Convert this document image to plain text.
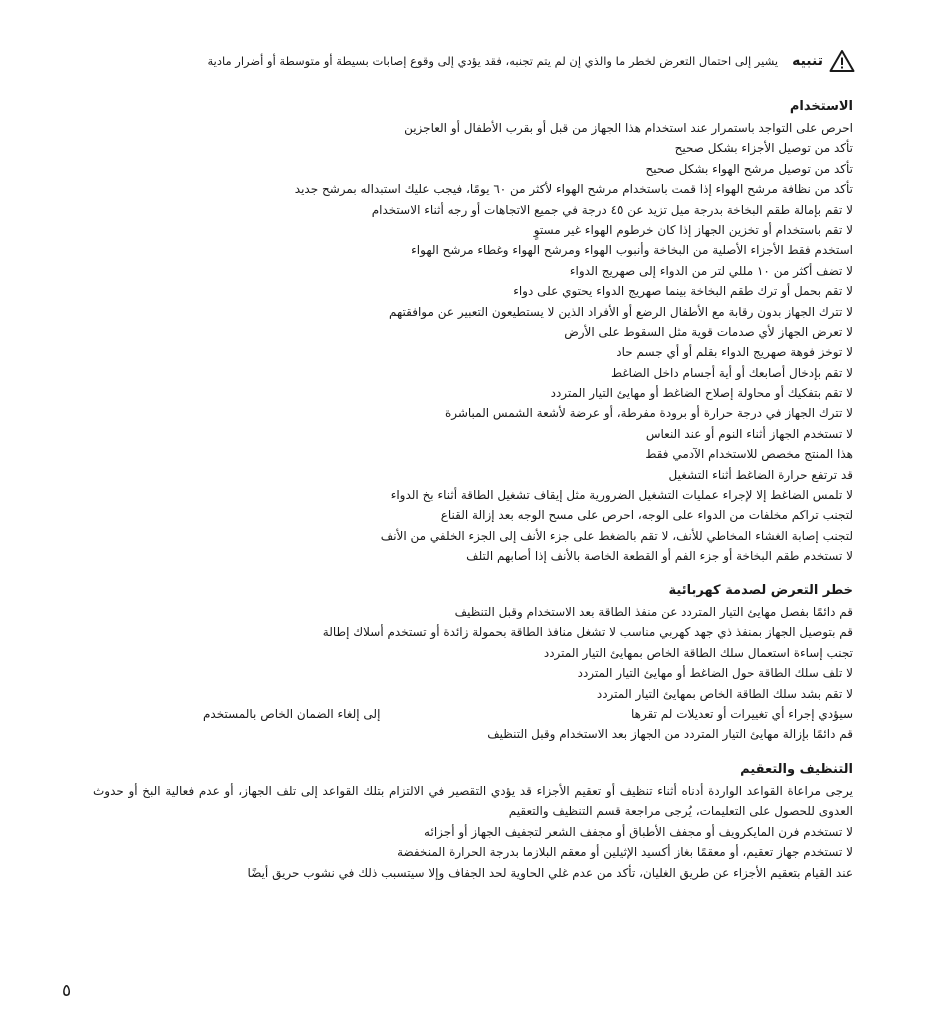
تنبيه
يشير إلى احتمال التعرض لخطر ما والذي إن لم يتم تجنبه، فقد يؤدي إلى وقوع إصابات بسيطة أو متوسطة أو أضرار مادية
الاستخدام
احرص على التواجد باستمرار عند استخدام هذا الجهاز من قبل أو بقرب الأطفال أو العاجزين
تأكد من توصيل الأجزاء بشكل صحيح
تأكد من توصيل مرشح الهواء بشكل صحيح
تأكد من نظافة مرشح الهواء إذا قمت باستخدام مرشح الهواء لأكثر من ٦٠ يومًا، فيجب عليك استبداله بمرشح جديد
لا تقم بإمالة طقم البخاخة بدرجة ميل تزيد عن ٤٥ درجة في جميع الاتجاهات أو رجه أثناء الاستخدام
لا تقم باستخدام أو تخزين الجهاز إذا كان خرطوم الهواء غير مستوٍ
استخدم فقط الأجزاء الأصلية من البخاخة وأنبوب الهواء ومرشح الهواء وغطاء مرشح الهواء
لا تضف أكثر من ١٠ مللي لتر من الدواء إلى صهريج الدواء
لا تقم بحمل أو ترك طقم البخاخة بينما صهريج الدواء يحتوي على دواء
لا تترك الجهاز بدون رقابة مع الأطفال الرضع أو الأفراد الذين لا يستطيعون التعبير عن موافقتهم
لا تعرض الجهاز لأي صدمات قوية مثل السقوط على الأرض
لا توخز فوهة صهريج الدواء بقلم أو أي جسم حاد
لا تقم بإدخال أصابعك أو أية أجسام داخل الضاغط
لا تقم بتفكيك أو محاولة إصلاح الضاغط أو مهايئ التيار المتردد
لا تترك الجهاز في درجة حرارة أو برودة مفرطة، أو عرضة لأشعة الشمس المباشرة
لا تستخدم الجهاز أثناء النوم أو عند النعاس
هذا المنتج مخصص للاستخدام الآدمي فقط
قد ترتفع حرارة الضاغط أثناء التشغيل
لا تلمس الضاغط إلا لإجراء عمليات التشغيل الضرورية مثل إيقاف تشغيل الطاقة أثناء بخ الدواء
لتجنب تراكم مخلفات من الدواء على الوجه، احرص على مسح الوجه بعد إزالة القناع
لتجنب إصابة الغشاء المخاطي للأنف، لا تقم بالضغط على جزء الأنف إلى الجزء الخلفي من الأنف
لا تستخدم طقم البخاخة أو جزء الفم أو القطعة الخاصة بالأنف إذا أصابهم التلف
خطر التعرض لصدمة كهربائية
قم دائمًا بفصل مهايئ التيار المتردد عن منفذ الطاقة بعد الاستخدام وقبل التنظيف
قم بتوصيل الجهاز بمنفذ ذي جهد كهربي مناسب لا تشغل منافذ الطاقة بحمولة زائدة أو تستخدم أسلاك إطالة
تجنب إساءة استعمال سلك الطاقة الخاص بمهايئ التيار المتردد
لا تلف سلك الطاقة حول الضاغط أو مهايئ التيار المتردد
لا تقم بشد سلك الطاقة الخاص بمهايئ التيار المتردد
سيؤدي إجراء أي تغييرات أو تعديلات لم تقرها
إلى إلغاء الضمان الخاص بالمستخدم
قم دائمًا بإزالة مهايئ التيار المتردد من الجهاز بعد الاستخدام وقبل التنظيف
التنظيف والتعقيم
يرجى مراعاة القواعد الواردة أدناه أثناء تنظيف أو تعقيم الأجزاء قد يؤدي التقصير في الالتزام بتلك القواعد إلى تلف الجهاز، أو عدم فعالية البخ أو حدوث العدوى للحصول على التعليمات، يُرجى مراجعة قسم التنظيف والتعقيم
لا تستخدم فرن المايكرويف أو مجفف الأطباق أو مجفف الشعر لتجفيف الجهاز أو أجزائه
لا تستخدم جهاز تعقيم، أو معقمًا بغاز أكسيد الإثيلين أو معقم البلازما بدرجة الحرارة المنخفضة
عند القيام بتعقيم الأجزاء عن طريق الغليان، تأكد من عدم غلي الحاوية لحد الجفاف وإلا سيتسبب ذلك في نشوب حريق أيضًا
٥
